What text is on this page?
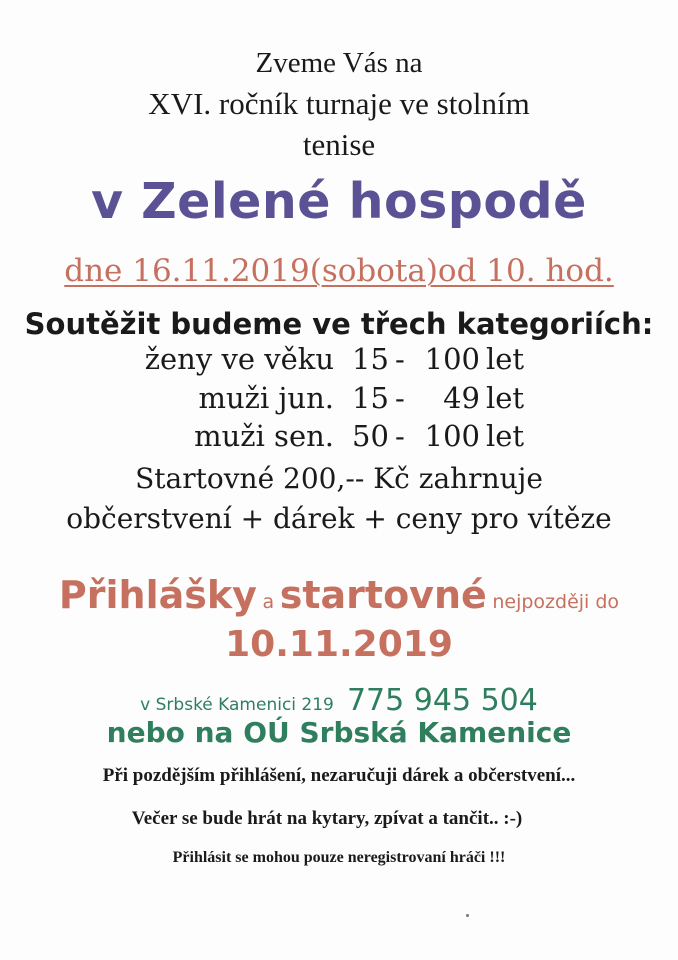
Zveme Vás na
XVI. ročník turnaje ve stolním
tenise
v Zelené hospodě
dne 16.11.2019(sobota)od 10. hod.
Soutěžit budeme ve třech kategoriích:
ženy ve věku 15 - 100 let
muži jun. 15 -	49 let
muži sen. 50 - 100 let
Startovné 200,-- Kč zahrnuje
občerstvení + dárek + ceny pro vítěze
Přihlášky a startovné nejpozději do
10.11.2019
v Srbské Kamenici 219 775 945 504
nebo na OÚ Srbská Kamenice
Při pozdějším přihlášení, nezaručuji dárek a občerstvení...
Večer se bude hrát na kytary, zpívat a tančit.. :-)
Přihlásit se mohou pouze neregistrovaní hráči !!!
